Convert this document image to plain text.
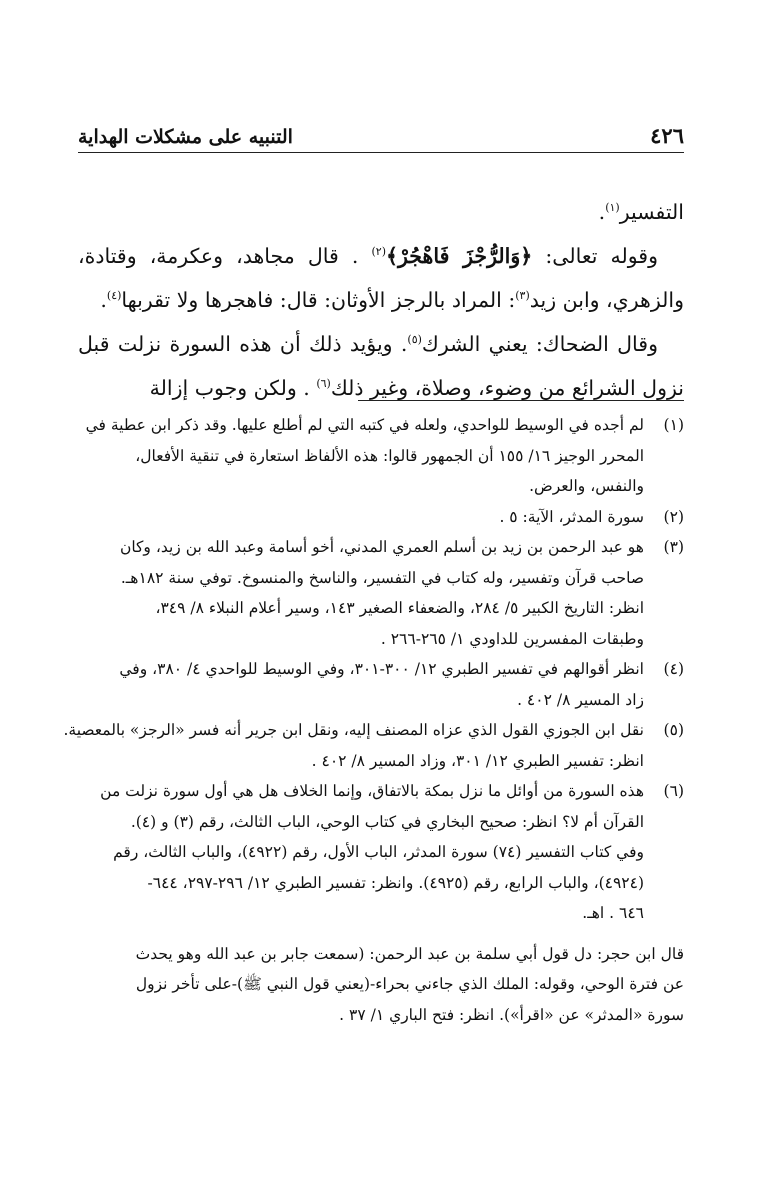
٤٢٦
التنبيه على مشكلات الهداية

التفسير$^{(١)}$.

وقوله تعالى: ﴿وَالرُّجْزَ فَاهْجُرْ﴾$^{(٢)}$ . قال مجاهد، وعكرمة، وقتادة، والزهري، وابن زيد$^{(٣)}$: المراد بالرجز الأوثان: قال: فاهجرها ولا تقربها$^{(٤)}$.

وقال الضحاك: يعني الشرك$^{(٥)}$. ويؤيد ذلك أن هذه السورة نزلت قبل نزول الشرائع من وضوء، وصلاة، وغير ذلك$^{(٦)}$ . ولكن وجوب إزالة

(١)
لم أجده في الوسيط للواحدي، ولعله في كتبه التي لم أطلع عليها. وقد ذكر ابن عطية في
المحرر الوجيز ١٦/ ١٥٥ أن الجمهور قالوا: هذه الألفاظ استعارة في تنقية الأفعال،
والنفس، والعرض.
(٢)
سورة المدثر، الآية: ٥ .
(٣)
هو عبد الرحمن بن زيد بن أسلم العمري المدني، أخو أسامة وعبد الله بن زيد، وكان
صاحب قرآن وتفسير، وله كتاب في التفسير، والناسخ والمنسوخ. توفي سنة ١٨٢هـ.
انظر: التاريخ الكبير ٥/ ٢٨٤، والضعفاء الصغير ١٤٣، وسير أعلام النبلاء ٨/ ٣٤٩،
وطبقات المفسرين للداودي ١/ ٢٦٥-٢٦٦ .
(٤)
انظر أقوالهم في تفسير الطبري ١٢/ ٣٠٠-٣٠١، وفي الوسيط للواحدي ٤/ ٣٨٠، وفي
زاد المسير ٨/ ٤٠٢ .
(٥)
نقل ابن الجوزي القول الذي عزاه المصنف إليه، ونقل ابن جرير أنه فسر «الرجز» بالمعصية.
انظر: تفسير الطبري ١٢/ ٣٠١، وزاد المسير ٨/ ٤٠٢ .
(٦)
هذه السورة من أوائل ما نزل بمكة بالاتفاق، وإنما الخلاف هل هي أول سورة نزلت من
القرآن أم لا؟ انظر: صحيح البخاري في كتاب الوحي، الباب الثالث، رقم (٣) و (٤).
وفي كتاب التفسير (٧٤) سورة المدثر، الباب الأول، رقم (٤٩٢٢)، والباب الثالث، رقم
(٤٩٢٤)، والباب الرابع، رقم (٤٩٢٥). وانظر: تفسير الطبري ١٢/ ٢٩٦-٢٩٧، ٦٤٤-
٦٤٦ . اهـ.
قال ابن حجر: دل قول أبي سلمة بن عبد الرحمن: (سمعت جابر بن عبد الله وهو يحدث
عن فترة الوحي، وقوله: الملك الذي جاءني بحراء-(يعني قول النبي ﷺ)-على تأخر نزول
سورة «المدثر» عن «اقرأ»). انظر: فتح الباري ١/ ٣٧ .
